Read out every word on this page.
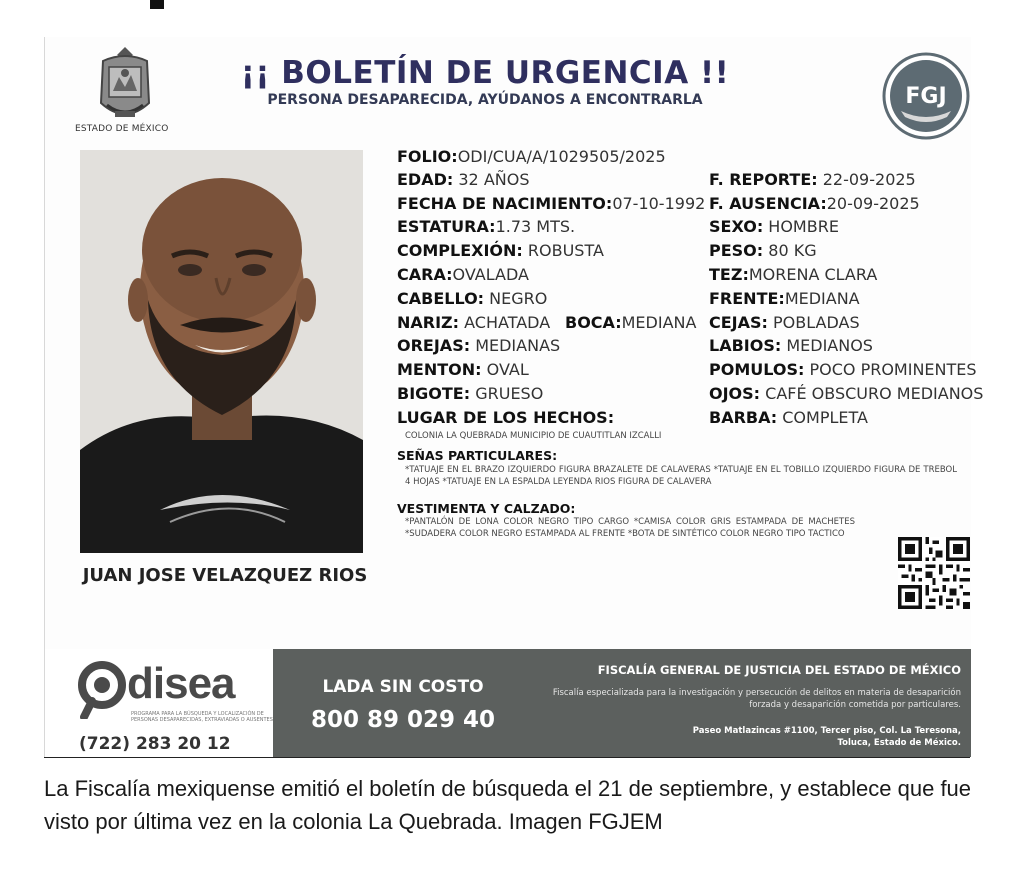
ESTADO DE MÉXICO
¡¡ BOLETÍN DE URGENCIA !!
PERSONA DESAPARECIDA, AYÚDANOS A ENCONTRARLA	FGJ
JUAN JOSE VELAZQUEZ RIOS
FOLIO:ODI/CUA/A/1029505/2025
EDAD: 32 AÑOS	F. REPORTE: 22-09-2025
FECHA DE NACIMIENTO:07-10-1992 F. AUSENCIA:20-09-2025
ESTATURA:1.73 MTS.	SEXO: HOMBRE
COMPLEXIÓN: ROBUSTA	PESO: 80 KG
CARA:OVALADA	TEZ:MORENA CLARA
CABELLO: NEGRO	FRENTE:MEDIANA
NARIZ: ACHATADA BOCA:MEDIANA CEJAS: POBLADAS
OREJAS: MEDIANAS	LABIOS: MEDIANOS
MENTON: OVAL	POMULOS: POCO PROMINENTES
BIGOTE: GRUESO	OJOS: CAFÉ OBSCURO MEDIANOS
LUGAR DE LOS HECHOS:	BARBA: COMPLETA
COLONIA LA QUEBRADA MUNICIPIO DE CUAUTITLAN IZCALLI
SEÑAS PARTICULARES:
*TATUAJE EN EL BRAZO IZQUIERDO FIGURA BRAZALETE DE CALAVERAS *TATUAJE EN EL TOBILLO IZQUIERDO FIGURA DE TREBOL 4 HOJAS *TATUAJE EN LA ESPALDA LEYENDA RIOS FIGURA DE CALAVERA
VESTIMENTA Y CALZADO:
*PANTALÓN DE LONA COLOR NEGRO TIPO CARGO *CAMISA COLOR GRIS ESTAMPADA DE MACHETES *SUDADERA COLOR NEGRO ESTAMPADA AL FRENTE *BOTA DE SINTÉTICO COLOR NEGRO TIPO TACTICO
disea
PROGRAMA PARA LA BÚSQUEDA Y LOCALIZACIÓN DE PERSONAS DESAPARECIDAS, EXTRAVIADAS O AUSENTES
(722) 283 20 12
LADA SIN COSTO
800 89 029 40
FISCALÍA GENERAL DE JUSTICIA DEL ESTADO DE MÉXICO
Fiscalía especializada para la investigación y persecución de delitos en materia de desaparición forzada y desaparición cometida por particulares.
Paseo Matlazincas #1100, Tercer piso, Col. La Teresona,
Toluca, Estado de México.
La Fiscalía mexiquense emitió el boletín de búsqueda el 21 de septiembre, y establece que fue visto por última vez en la colonia La Quebrada. Imagen FGJEM
